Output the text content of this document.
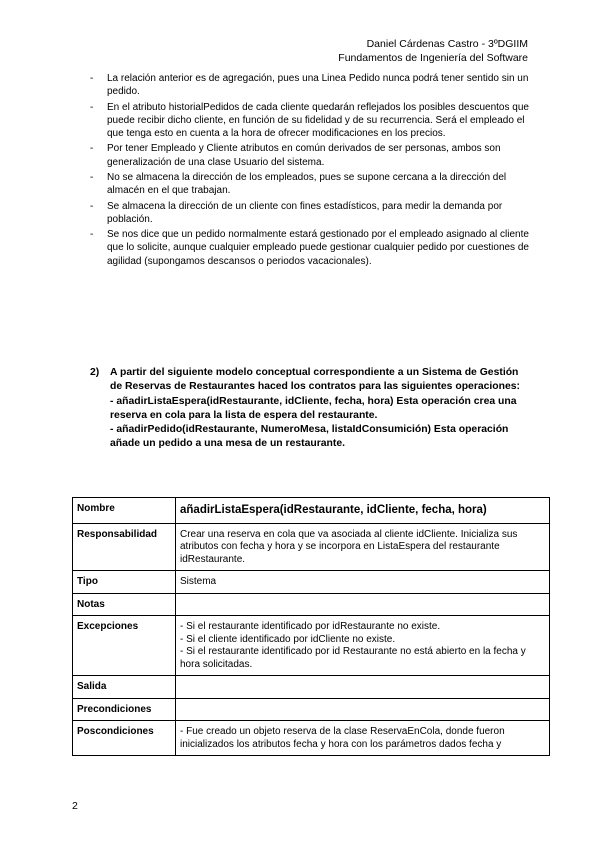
Daniel Cárdenas Castro - 3ºDGIIM
Fundamentos de Ingeniería del Software
- La relación anterior es de agregación, pues una Linea Pedido nunca podrá tener sentido sin un pedido.
- En el atributo historialPedidos de cada cliente quedarán reflejados los posibles descuentos que puede recibir dicho cliente, en función de su fidelidad y de su recurrencia. Será el empleado el que tenga esto en cuenta a la hora de ofrecer modificaciones en los precios.
- Por tener Empleado y Cliente atributos en común derivados de ser personas, ambos son generalización de una clase Usuario del sistema.
- No se almacena la dirección de los empleados, pues se supone cercana a la dirección del almacén en el que trabajan.
- Se almacena la dirección de un cliente con fines estadísticos, para medir la demanda por población.
- Se nos dice que un pedido normalmente estará gestionado por el empleado asignado al cliente que lo solicite, aunque cualquier empleado puede gestionar cualquier pedido por cuestiones de agilidad (supongamos descansos o periodos vacacionales).
2) A partir del siguiente modelo conceptual correspondiente a un Sistema de Gestión de Reservas de Restaurantes haced los contratos para las siguientes operaciones:
- añadirListaEspera(idRestaurante, idCliente, fecha, hora) Esta operación crea una reserva en cola para la lista de espera del restaurante.
- añadirPedido(idRestaurante, NumeroMesa, listaIdConsumición) Esta operación añade un pedido a una mesa de un restaurante.
Nombre	añadirListaEspera(idRestaurante, idCliente, fecha, hora)
Responsabilidad	Crear una reserva en cola que va asociada al cliente idCliente. Inicializa sus atributos con fecha y hora y se incorpora en ListaEspera del restaurante idRestaurante.
Tipo	Sistema
Notas	
Excepciones	- Si el restaurante identificado por idRestaurante no existe.
- Si el cliente identificado por idCliente no existe.
- Si el restaurante identificado por id Restaurante no está abierto en la fecha y hora solicitadas.

Salida	
Precondiciones	
Poscondiciones	- Fue creado un objeto reserva de la clase ReservaEnCola, donde fueron inicializados los atributos fecha y hora con los parámetros dados fecha y
2
